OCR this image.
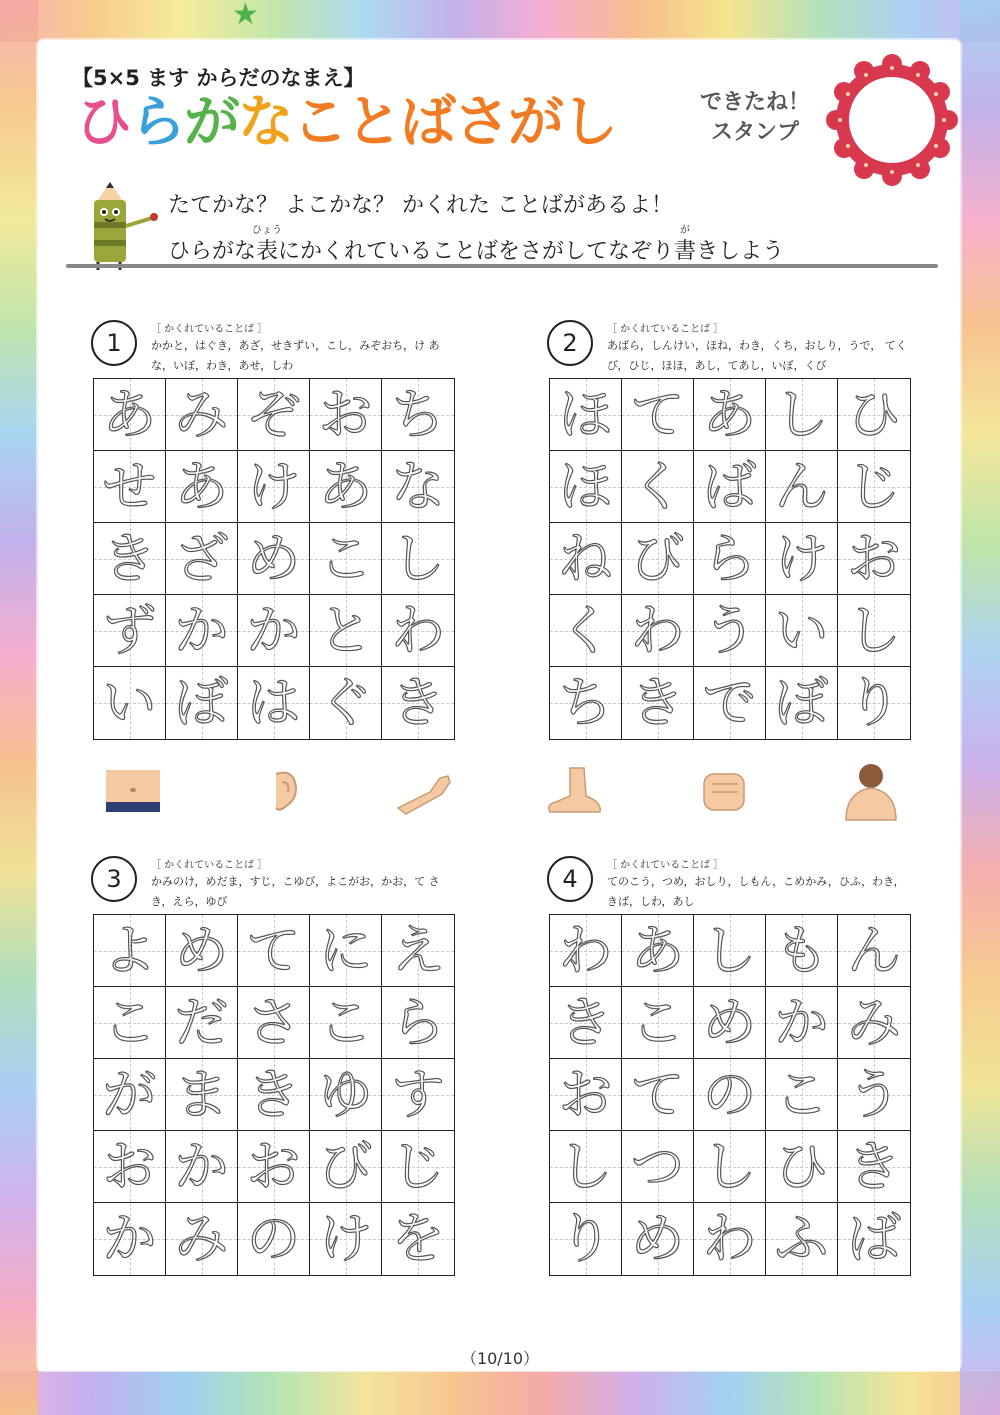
★
【5×5 ます からだのなまえ】
ひらがなことばさがし	できたね！
スタンプ
たてかな？ よこかな？ かくれた ことばがあるよ！
ひらがな
ひょう
表にかくれていることばをさがしてなぞり
が
書きしよう
1	［ かくれていることば ］
かかと，はぐき，あざ，せきずい，こし，みぞおち，け あな，いぼ，わき，あせ，しわ
あ み ぞ お ち
せ あ け あ な
き ざ め こ し
ず か か と わ
い ぼ は ぐ き
2	［ かくれていることば ］
あばら，しんけい，ほね，わき，くち，おしり，うで， てくび，ひじ，ほほ，あし，てあし，いぼ，くび
ほ て あ し ひ
ほ く ば ん じ
ね び ら け お
く わ う い し
ち き で ぼ り
3	［ かくれていることば ］
かみのけ，めだま，すじ，こゆび，よこがお，かお，て さき，えら，ゆび
よ め て に え
こ だ さ こ ら
が ま き ゆ す
お か お び じ
か み の け を
4	［ かくれていることば ］
てのこう，つめ，おしり，しもん，こめかみ，ひふ，わき， きば，しわ，あし
わ あ し も ん
き こ め か み
お て の こ う
し つ し ひ き
り め わ ふ ば
（10/10）
